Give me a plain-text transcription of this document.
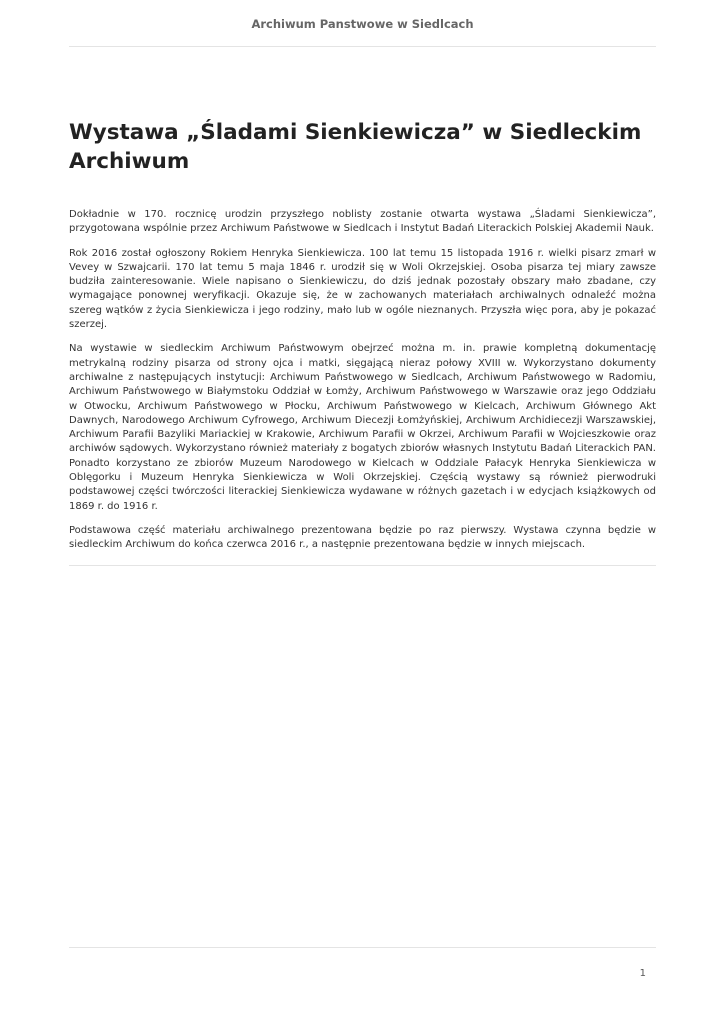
Archiwum Panstwowe w Siedlcach
Wystawa „Śladami Sienkiewicza” w Siedleckim Archiwum

Dokładnie w 170. rocznicę urodzin przyszłego noblisty zostanie otwarta wystawa „Śladami Sienkiewicza”, przygotowana wspólnie przez Archiwum Państwowe w Siedlcach i Instytut Badań Literackich Polskiej Akademii Nauk.

Rok 2016 został ogłoszony Rokiem Henryka Sienkiewicza. 100 lat temu 15 listopada 1916 r. wielki pisarz zmarł w Vevey w Szwajcarii. 170 lat temu 5 maja 1846 r. urodził się w Woli Okrzejskiej. Osoba pisarza tej miary zawsze budziła zainteresowanie. Wiele napisano o Sienkiewiczu, do dziś jednak pozostały obszary mało zbadane, czy wymagające ponownej weryfikacji. Okazuje się, że w zachowanych materiałach archiwalnych odnaleźć można szereg wątków z życia Sienkiewicza i jego rodziny, mało lub w ogóle nieznanych. Przyszła więc pora, aby je pokazać szerzej.

Na wystawie w siedleckim Archiwum Państwowym obejrzeć można m. in. prawie kompletną dokumentację metrykalną rodziny pisarza od strony ojca i matki, sięgającą nieraz połowy XVIII w. Wykorzystano dokumenty archiwalne z następujących instytucji: Archiwum Państwowego w Siedlcach, Archiwum Państwowego w Radomiu, Archiwum Państwowego w Białymstoku Oddział w Łomży, Archiwum Państwowego w Warszawie oraz jego Oddziału w Otwocku, Archiwum Państwowego w Płocku, Archiwum Państwowego w Kielcach, Archiwum Głównego Akt Dawnych, Narodowego Archiwum Cyfrowego, Archiwum Diecezji Łomżyńskiej, Archiwum Archidiecezji Warszawskiej, Archiwum Parafii Bazyliki Mariackiej w Krakowie, Archiwum Parafii w Okrzei, Archiwum Parafii w Wojcieszkowie oraz archiwów sądowych. Wykorzystano również materiały z bogatych zbiorów własnych Instytutu Badań Literackich PAN. Ponadto korzystano ze zbiorów Muzeum Narodowego w Kielcach w Oddziale Pałacyk Henryka Sienkiewicza w Oblęgorku i Muzeum Henryka Sienkiewicza w Woli Okrzejskiej. Częścią wystawy są również pierwodruki podstawowej części twórczości literackiej Sienkiewicza wydawane w różnych gazetach i w edycjach książkowych od 1869 r. do 1916 r.

Podstawowa część materiału archiwalnego prezentowana będzie po raz pierwszy. Wystawa czynna będzie w siedleckim Archiwum do końca czerwca 2016 r., a następnie prezentowana będzie w innych miejscach.

1
